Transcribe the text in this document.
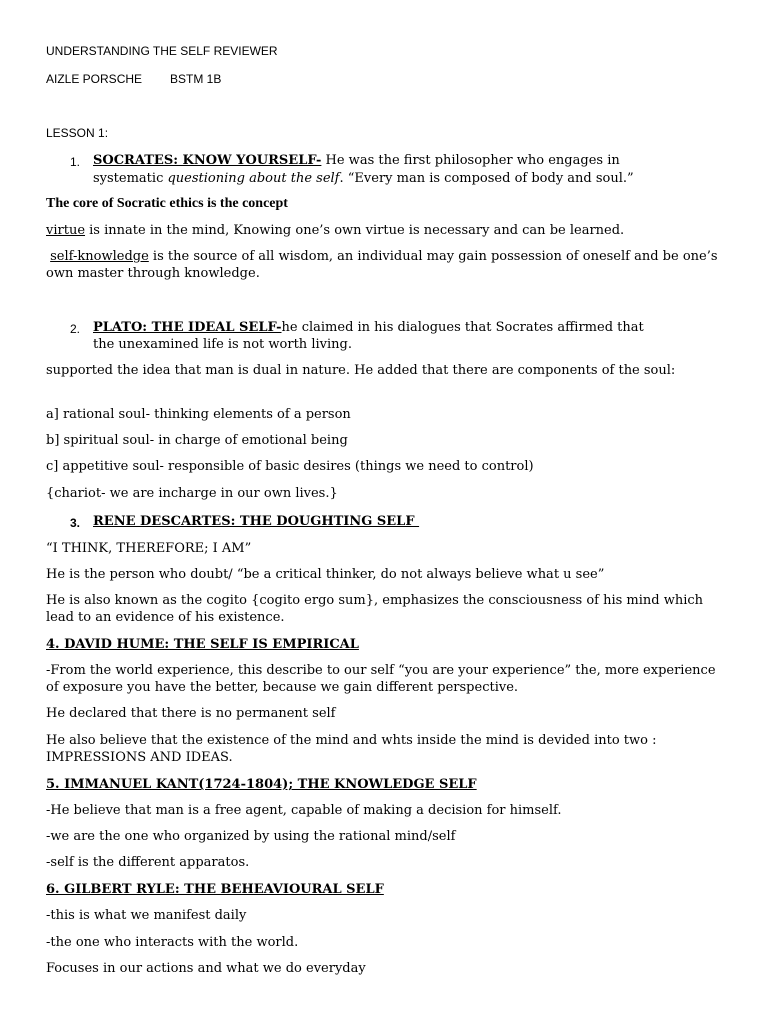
UNDERSTANDING THE SELF REVIEWER
AIZLE PORSCHE BSTM 1B
LESSON 1:
1. SOCRATES: KNOW YOURSELF- He was the first philosopher who engages in
systematic questioning about the self. “Every man is composed of body and soul.”
The core of Socratic ethics is the concept
virtue is innate in the mind, Knowing one’s own virtue is necessary and can be learned.

self-knowledge is the source of all wisdom, an individual may gain possession of oneself and be one’s own master through knowledge.

2. PLATO: THE IDEAL SELF-he claimed in his dialogues that Socrates affirmed that
the unexamined life is not worth living.

supported the idea that man is dual in nature. He added that there are components of the soul:

a] rational soul- thinking elements of a person
b] spiritual soul- in charge of emotional being
c] appetitive soul- responsible of basic desires (things we need to control)
{chariot- we are incharge in our own lives.}
3. RENE DESCARTES: THE DOUGHTING SELF
“I THINK, THEREFORE; I AM”
He is the person who doubt/ “be a critical thinker, do not always believe what u see”

He is also known as the cogito {cogito ergo sum}, emphasizes the consciousness of his mind which lead to an evidence of his existence.

4. DAVID HUME: THE SELF IS EMPIRICAL

-From the world experience, this describe to our self “you are your experience” the, more experience of exposure you have the better, because we gain different perspective.

He declared that there is no permanent self

He also believe that the existence of the mind and whts inside the mind is devided into two : IMPRESSIONS AND IDEAS.

5. IMMANUEL KANT(1724-1804); THE KNOWLEDGE SELF
-He believe that man is a free agent, capable of making a decision for himself.
-we are the one who organized by using the rational mind/self
-self is the different apparatos.
6. GILBERT RYLE: THE BEHEAVIOURAL SELF
-this is what we manifest daily
-the one who interacts with the world.
Focuses in our actions and what we do everyday
